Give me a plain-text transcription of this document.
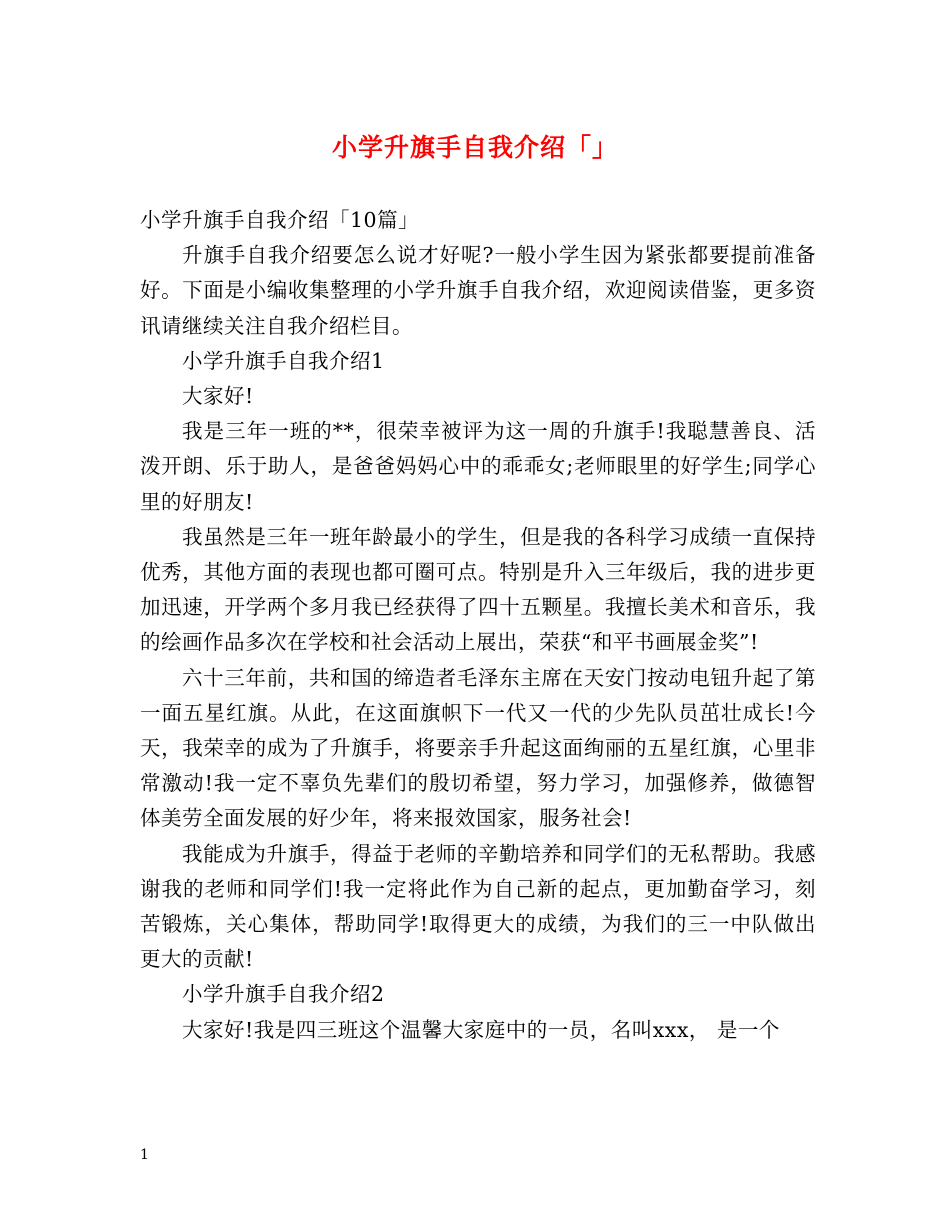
小学升旗手自我介绍「」

小学升旗手自我介绍「10篇」

升旗手自我介绍要怎么说才好呢?一般小学生因为紧张都要提前准备好。下面是小编收集整理的小学升旗手自我介绍，欢迎阅读借鉴，更多资讯请继续关注自我介绍栏目。

小学升旗手自我介绍1

大家好!

我是三年一班的**，很荣幸被评为这一周的升旗手!我聪慧善良、活泼开朗、乐于助人，是爸爸妈妈心中的乖乖女;老师眼里的好学生;同学心里的好朋友!

我虽然是三年一班年龄最小的学生，但是我的各科学习成绩一直保持优秀，其他方面的表现也都可圈可点。特别是升入三年级后，我的进步更加迅速，开学两个多月我已经获得了四十五颗星。我擅长美术和音乐，我的绘画作品多次在学校和社会活动上展出，荣获“和平书画展金奖”!

六十三年前，共和国的缔造者毛泽东主席在天安门按动电钮升起了第一面五星红旗。从此，在这面旗帜下一代又一代的少先队员茁壮成长!今天，我荣幸的成为了升旗手，将要亲手升起这面绚丽的五星红旗，心里非常激动!我一定不辜负先辈们的殷切希望，努力学习，加强修养，做德智体美劳全面发展的好少年，将来报效国家，服务社会!

我能成为升旗手，得益于老师的辛勤培养和同学们的无私帮助。我感谢我的老师和同学们!我一定将此作为自己新的起点，更加勤奋学习，刻苦锻炼，关心集体，帮助同学!取得更大的成绩，为我们的三一中队做出更大的贡献!

小学升旗手自我介绍2

大家好!我是四三班这个温馨大家庭中的一员，名叫xxx， 是一个

1
